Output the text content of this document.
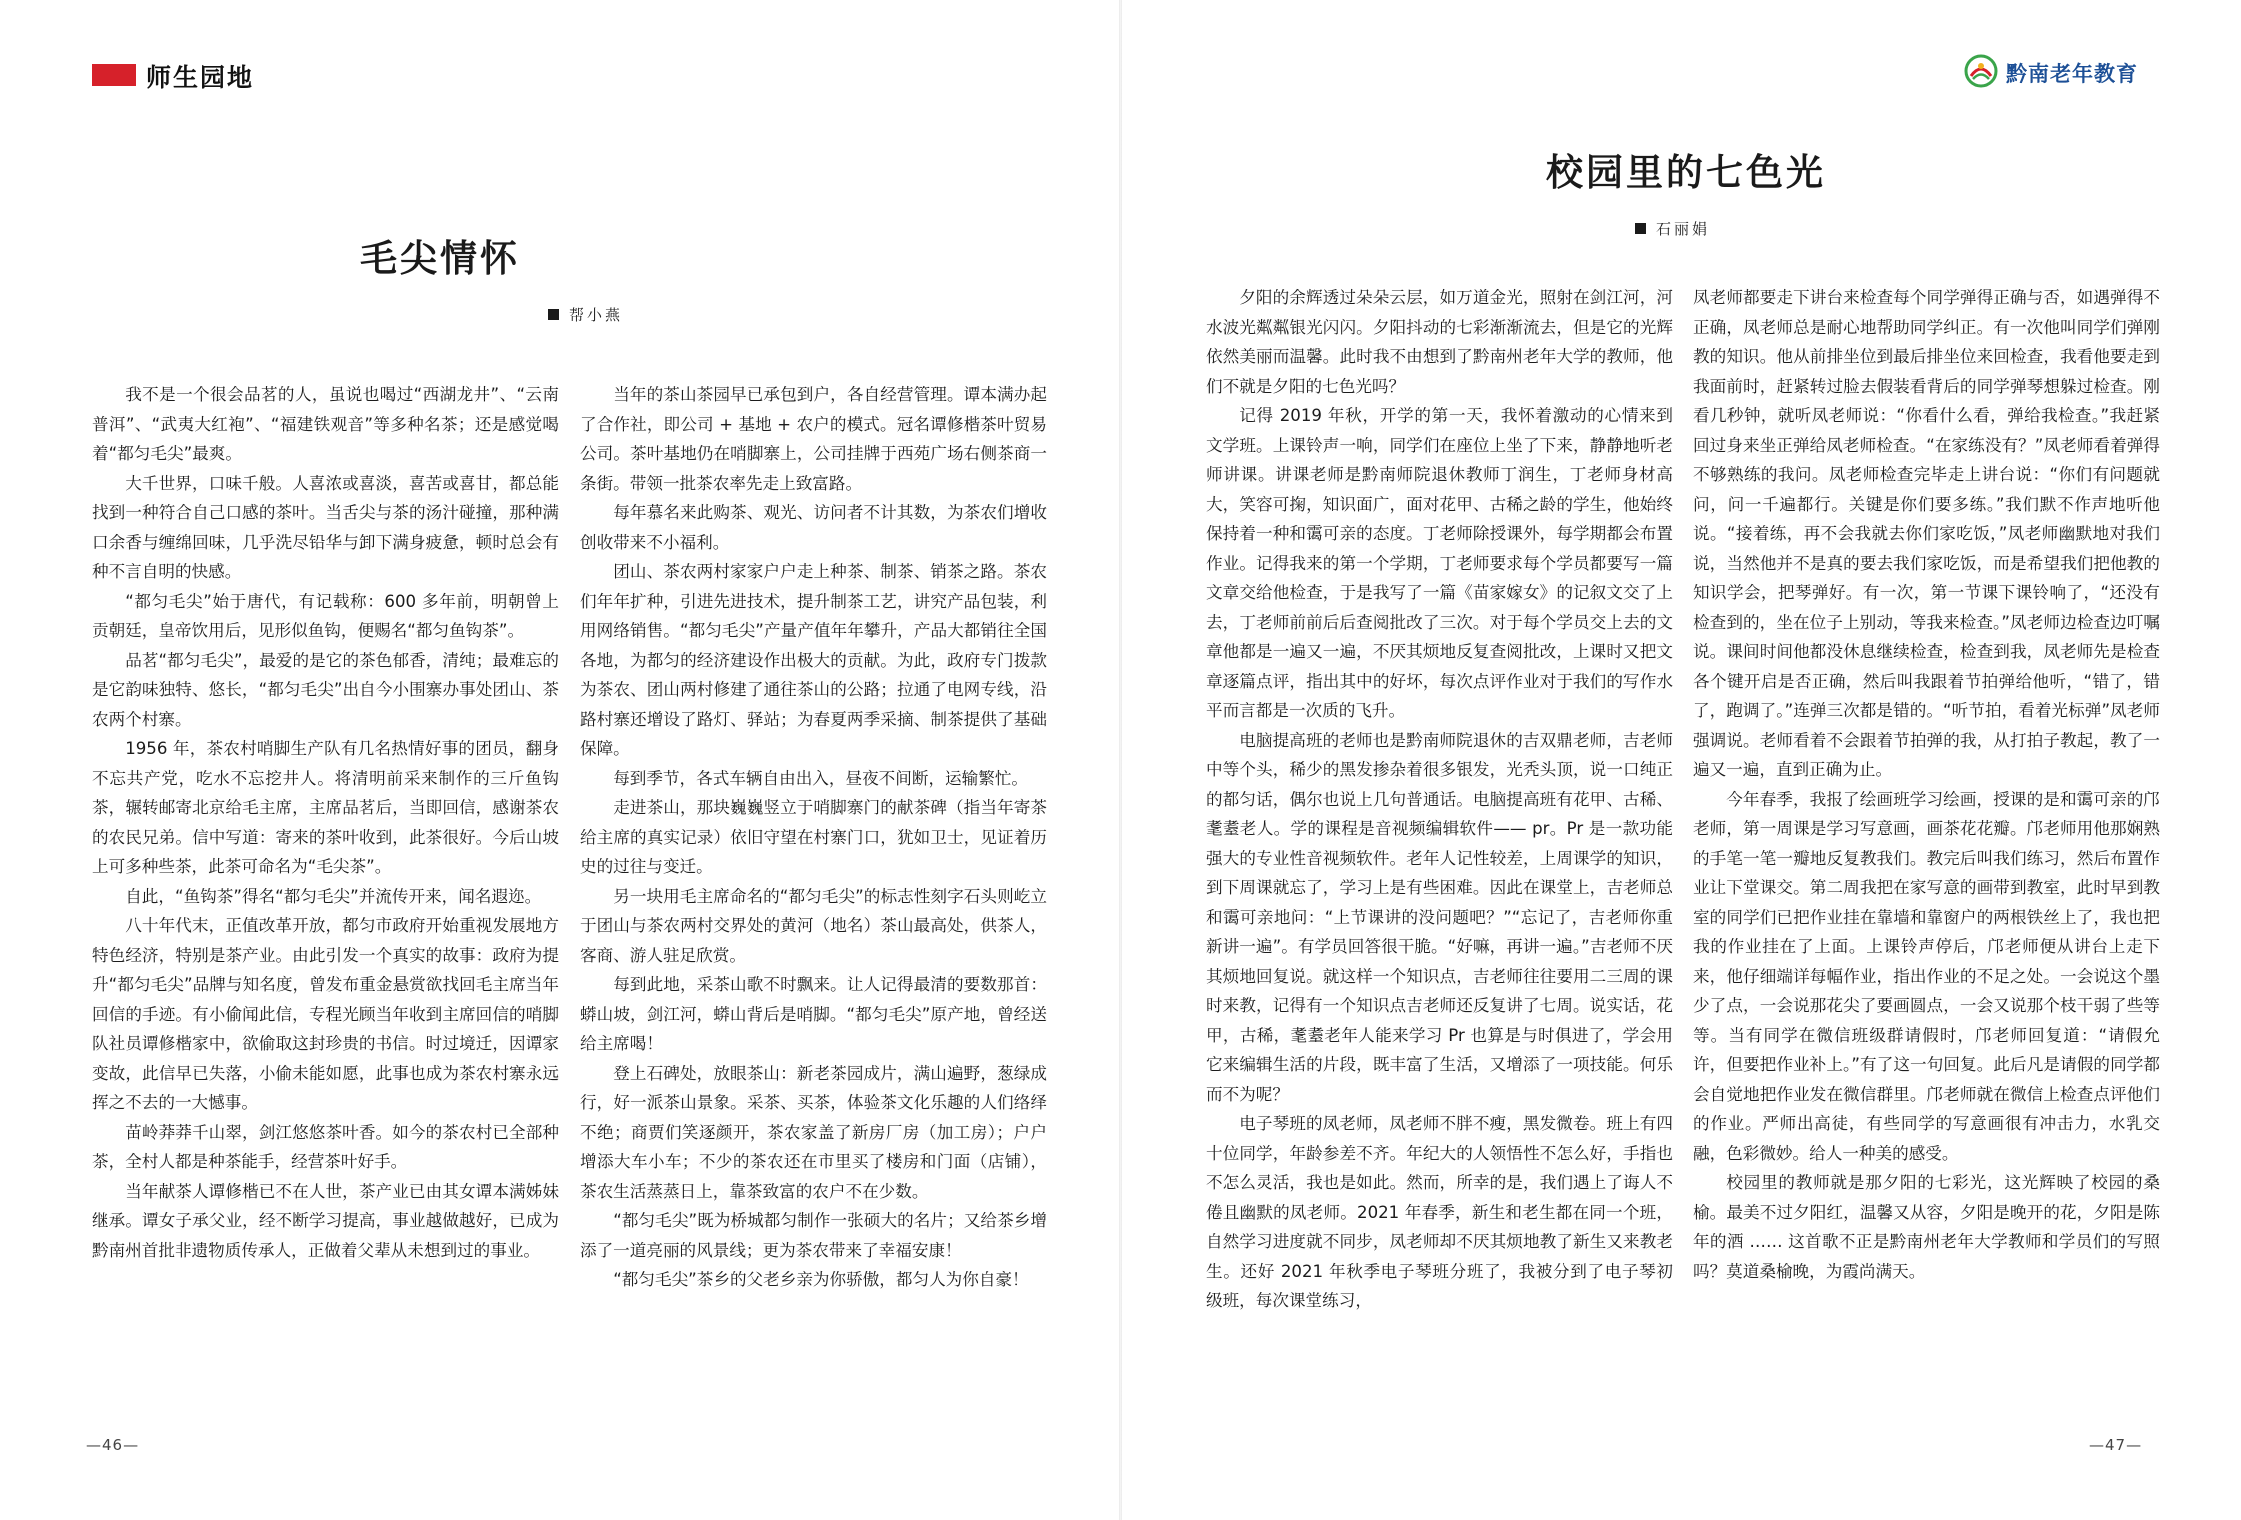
师生园地
毛尖情怀
帮小燕

我不是一个很会品茗的人，虽说也喝过“西湖龙井”、“云南普洱”、“武夷大红袍”、“福建铁观音”等多种名茶；还是感觉喝着“都匀毛尖”最爽。

大千世界，口味千般。人喜浓或喜淡，喜苦或喜甘，都总能找到一种符合自己口感的茶叶。当舌尖与茶的汤汁碰撞，那种满口余香与缠绵回味，几乎洗尽铅华与卸下满身疲惫，顿时总会有种不言自明的快感。

“都匀毛尖”始于唐代，有记载称：600 多年前，明朝曾上贡朝廷，皇帝饮用后，见形似鱼钩，便赐名“都匀鱼钩茶”。

品茗“都匀毛尖”，最爱的是它的茶色郁香，清纯；最难忘的是它韵味独特、悠长，“都匀毛尖”出自今小围寨办事处团山、茶农两个村寨。

1956 年，茶农村哨脚生产队有几名热情好事的团员，翻身不忘共产党，吃水不忘挖井人。将清明前采来制作的三斤鱼钩茶，辗转邮寄北京给毛主席，主席品茗后，当即回信，感谢茶农的农民兄弟。信中写道：寄来的茶叶收到，此茶很好。今后山坡上可多种些茶，此茶可命名为“毛尖茶”。

自此，“鱼钩茶”得名“都匀毛尖”并流传开来，闻名遐迩。

八十年代末，正值改革开放，都匀市政府开始重视发展地方特色经济，特别是茶产业。由此引发一个真实的故事：政府为提升“都匀毛尖”品牌与知名度，曾发布重金悬赏欲找回毛主席当年回信的手迹。有小偷闻此信，专程光顾当年收到主席回信的哨脚队社员谭修楷家中，欲偷取这封珍贵的书信。时过境迁，因谭家变故，此信早已失落，小偷未能如愿，此事也成为茶农村寨永远挥之不去的一大憾事。

苗岭莽莽千山翠，剑江悠悠茶叶香。如今的茶农村已全部种茶，全村人都是种茶能手，经营茶叶好手。

当年献茶人谭修楷已不在人世，茶产业已由其女谭本满姊妹继承。谭女子承父业，经不断学习提高，事业越做越好，已成为黔南州首批非遗物质传承人，正做着父辈从未想到过的事业。

当年的茶山茶园早已承包到户，各自经营管理。谭本满办起了合作社，即公司 + 基地 + 农户的模式。冠名谭修楷茶叶贸易公司。茶叶基地仍在哨脚寨上，公司挂牌于西苑广场右侧茶商一条街。带领一批茶农率先走上致富路。

每年慕名来此购茶、观光、访问者不计其数，为茶农们增收创收带来不小福利。

团山、茶农两村家家户户走上种茶、制茶、销茶之路。茶农们年年扩种，引进先进技术，提升制茶工艺，讲究产品包装，利用网络销售。“都匀毛尖”产量产值年年攀升，产品大都销往全国各地，为都匀的经济建设作出极大的贡献。为此，政府专门拨款为茶农、团山两村修建了通往茶山的公路；拉通了电网专线，沿路村寨还增设了路灯、驿站；为春夏两季采摘、制茶提供了基础保障。

每到季节，各式车辆自由出入，昼夜不间断，运输繁忙。

走进茶山，那块巍巍竖立于哨脚寨门的献茶碑（指当年寄茶给主席的真实记录）依旧守望在村寨门口，犹如卫士，见证着历史的过往与变迁。

另一块用毛主席命名的“都匀毛尖”的标志性刻字石头则屹立于团山与茶农两村交界处的黄河（地名）茶山最高处，供茶人，客商、游人驻足欣赏。

每到此地，采茶山歌不时飘来。让人记得最清的要数那首：蟒山坡，剑江河，蟒山背后是哨脚。“都匀毛尖”原产地，曾经送给主席喝！

登上石碑处，放眼茶山：新老茶园成片，满山遍野，葱绿成行，好一派茶山景象。采茶、买茶，体验茶文化乐趣的人们络绎不绝；商贾们笑逐颜开，茶农家盖了新房厂房（加工房）；户户增添大车小车；不少的茶农还在市里买了楼房和门面（店铺），茶农生活蒸蒸日上，靠茶致富的农户不在少数。

“都匀毛尖”既为桥城都匀制作一张硕大的名片；又给茶乡增添了一道亮丽的风景线；更为茶农带来了幸福安康！

“都匀毛尖”茶乡的父老乡亲为你骄傲，都匀人为你自豪！

—46—
黔南老年教育
校园里的七色光
石丽娟

夕阳的余辉透过朵朵云层，如万道金光，照射在剑江河，河水波光粼粼银光闪闪。夕阳抖动的七彩渐渐流去，但是它的光辉依然美丽而温馨。此时我不由想到了黔南州老年大学的教师，他们不就是夕阳的七色光吗？

记得 2019 年秋，开学的第一天，我怀着激动的心情来到文学班。上课铃声一响，同学们在座位上坐了下来，静静地听老师讲课。讲课老师是黔南师院退休教师丁润生，丁老师身材高大，笑容可掬，知识面广，面对花甲、古稀之龄的学生，他始终保持着一种和霭可亲的态度。丁老师除授课外，每学期都会布置作业。记得我来的第一个学期，丁老师要求每个学员都要写一篇文章交给他检查，于是我写了一篇《苗家嫁女》的记叙文交了上去，丁老师前前后后查阅批改了三次。对于每个学员交上去的文章他都是一遍又一遍，不厌其烦地反复查阅批改，上课时又把文章逐篇点评，指出其中的好坏，每次点评作业对于我们的写作水平而言都是一次质的飞升。

电脑提高班的老师也是黔南师院退休的吉双鼎老师，吉老师中等个头，稀少的黑发掺杂着很多银发，光秃头顶，说一口纯正的都匀话，偶尔也说上几句普通话。电脑提高班有花甲、古稀、耄耋老人。学的课程是音视频编辑软件—— pr。Pr 是一款功能强大的专业性音视频软件。老年人记性较差，上周课学的知识，到下周课就忘了，学习上是有些困难。因此在课堂上，吉老师总和霭可亲地问：“上节课讲的没问题吧？”“忘记了，吉老师你重新讲一遍”。有学员回答很干脆。“好嘛，再讲一遍。”吉老师不厌其烦地回复说。就这样一个知识点，吉老师往往要用二三周的课时来教，记得有一个知识点吉老师还反复讲了七周。说实话，花甲，古稀，耄耋老年人能来学习 Pr 也算是与时俱进了，学会用它来编辑生活的片段，既丰富了生活，又增添了一项技能。何乐而不为呢？

电子琴班的凤老师，凤老师不胖不瘦，黑发微卷。班上有四十位同学，年龄参差不齐。年纪大的人领悟性不怎么好，手指也不怎么灵活，我也是如此。然而，所幸的是，我们遇上了诲人不倦且幽默的凤老师。2021 年春季，新生和老生都在同一个班，自然学习进度就不同步，凤老师却不厌其烦地教了新生又来教老生。还好 2021 年秋季电子琴班分班了，我被分到了电子琴初级班，每次课堂练习，

凤老师都要走下讲台来检查每个同学弹得正确与否，如遇弹得不正确，凤老师总是耐心地帮助同学纠正。有一次他叫同学们弹刚教的知识。他从前排坐位到最后排坐位来回检查，我看他要走到我面前时，赶紧转过脸去假装看背后的同学弹琴想躲过检查。刚看几秒钟，就听凤老师说：“你看什么看，弹给我检查。”我赶紧回过身来坐正弹给凤老师检查。“在家练没有？”凤老师看着弹得不够熟练的我问。凤老师检查完毕走上讲台说：“你们有问题就问，问一千遍都行。关键是你们要多练。”我们默不作声地听他说。“接着练，再不会我就去你们家吃饭，”凤老师幽默地对我们说，当然他并不是真的要去我们家吃饭，而是希望我们把他教的知识学会，把琴弹好。有一次，第一节课下课铃响了，“还没有检查到的，坐在位子上别动，等我来检查。”凤老师边检查边叮嘱说。课间时间他都没休息继续检查，检查到我，凤老师先是检查各个键开启是否正确，然后叫我跟着节拍弹给他听，“错了，错了，跑调了。”连弹三次都是错的。“听节拍，看着光标弹”凤老师强调说。老师看着不会跟着节拍弹的我，从打拍子教起，教了一遍又一遍，直到正确为止。

今年春季，我报了绘画班学习绘画，授课的是和霭可亲的邝老师，第一周课是学习写意画，画茶花花瓣。邝老师用他那娴熟的手笔一笔一瓣地反复教我们。教完后叫我们练习，然后布置作业让下堂课交。第二周我把在家写意的画带到教室，此时早到教室的同学们已把作业挂在靠墙和靠窗户的两根铁丝上了，我也把我的作业挂在了上面。上课铃声停后，邝老师便从讲台上走下来，他仔细端详每幅作业，指出作业的不足之处。一会说这个墨少了点，一会说那花尖了要画圆点，一会又说那个枝干弱了些等等。当有同学在微信班级群请假时，邝老师回复道：“请假允许，但要把作业补上。”有了这一句回复。此后凡是请假的同学都会自觉地把作业发在微信群里。邝老师就在微信上检查点评他们的作业。严师出高徒，有些同学的写意画很有冲击力，水乳交融，色彩微妙。给人一种美的感受。

校园里的教师就是那夕阳的七彩光，这光辉映了校园的桑榆。最美不过夕阳红，温馨又从容，夕阳是晚开的花，夕阳是陈年的酒 …… 这首歌不正是黔南州老年大学教师和学员们的写照吗？莫道桑榆晚，为霞尚满天。

—47—
